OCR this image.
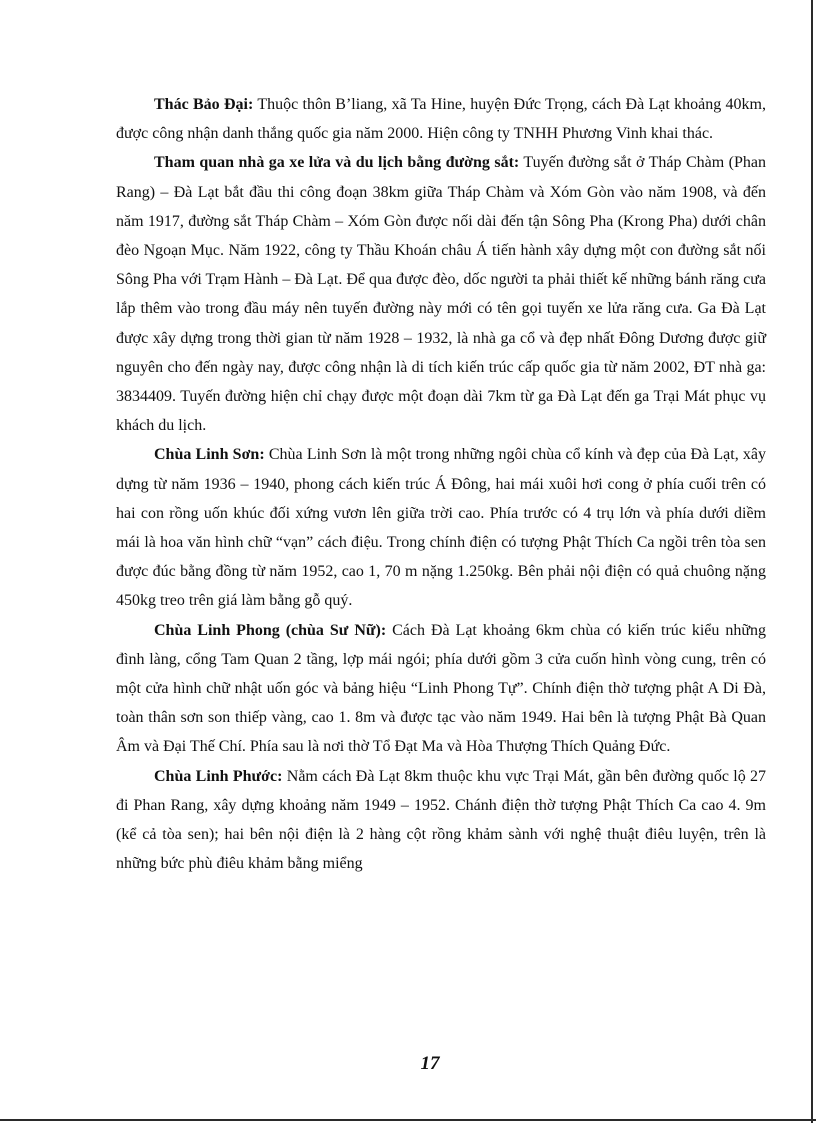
Thác Bảo Đại: Thuộc thôn B’liang, xã Ta Hine, huyện Đức Trọng, cách Đà Lạt khoảng 40km, được công nhận danh thắng quốc gia năm 2000. Hiện công ty TNHH Phương Vinh khai thác.

Tham quan nhà ga xe lửa và du lịch bằng đường sắt: Tuyến đường sắt ở Tháp Chàm (Phan Rang) – Đà Lạt bắt đầu thi công đoạn 38km giữa Tháp Chàm và Xóm Gòn vào năm 1908, và đến năm 1917, đường sắt Tháp Chàm – Xóm Gòn được nối dài đến tận Sông Pha (Krong Pha) dưới chân đèo Ngoạn Mục. Năm 1922, công ty Thầu Khoán châu Á tiến hành xây dựng một con đường sắt nối Sông Pha với Trạm Hành – Đà Lạt. Để qua được đèo, dốc người ta phải thiết kế những bánh răng cưa lắp thêm vào trong đầu máy nên tuyến đường này mới có tên gọi tuyến xe lửa răng cưa. Ga Đà Lạt được xây dựng trong thời gian từ năm 1928 – 1932, là nhà ga cổ và đẹp nhất Đông Dương được giữ nguyên cho đến ngày nay, được công nhận là di tích kiến trúc cấp quốc gia từ năm 2002, ĐT nhà ga: 3834409. Tuyến đường hiện chỉ chạy được một đoạn dài 7km từ ga Đà Lạt đến ga Trại Mát phục vụ khách du lịch.

Chùa Linh Sơn: Chùa Linh Sơn là một trong những ngôi chùa cổ kính và đẹp của Đà Lạt, xây dựng từ năm 1936 – 1940, phong cách kiến trúc Á Đông, hai mái xuôi hơi cong ở phía cuối trên có hai con rồng uốn khúc đối xứng vươn lên giữa trời cao. Phía trước có 4 trụ lớn và phía dưới diềm mái là hoa văn hình chữ “vạn” cách điệu. Trong chính điện có tượng Phật Thích Ca ngồi trên tòa sen được đúc bằng đồng từ năm 1952, cao 1, 70 m nặng 1.250kg. Bên phải nội điện có quả chuông nặng 450kg treo trên giá làm bằng gỗ quý.

Chùa Linh Phong (chùa Sư Nữ): Cách Đà Lạt khoảng 6km chùa có kiến trúc kiểu những đình làng, cổng Tam Quan 2 tầng, lợp mái ngói; phía dưới gồm 3 cửa cuốn hình vòng cung, trên có một cửa hình chữ nhật uốn góc và bảng hiệu “Linh Phong Tự”. Chính điện thờ tượng phật A Di Đà, toàn thân sơn son thiếp vàng, cao 1. 8m và được tạc vào năm 1949. Hai bên là tượng Phật Bà Quan Âm và Đại Thế Chí. Phía sau là nơi thờ Tổ Đạt Ma và Hòa Thượng Thích Quảng Đức.

Chùa Linh Phước: Nằm cách Đà Lạt 8km thuộc khu vực Trại Mát, gần bên đường quốc lộ 27 đi Phan Rang, xây dựng khoảng năm 1949 – 1952. Chánh điện thờ tượng Phật Thích Ca cao 4. 9m (kể cả tòa sen); hai bên nội điện là 2 hàng cột rồng khảm sành với nghệ thuật điêu luyện, trên là những bức phù điêu khảm bằng miểng

17
